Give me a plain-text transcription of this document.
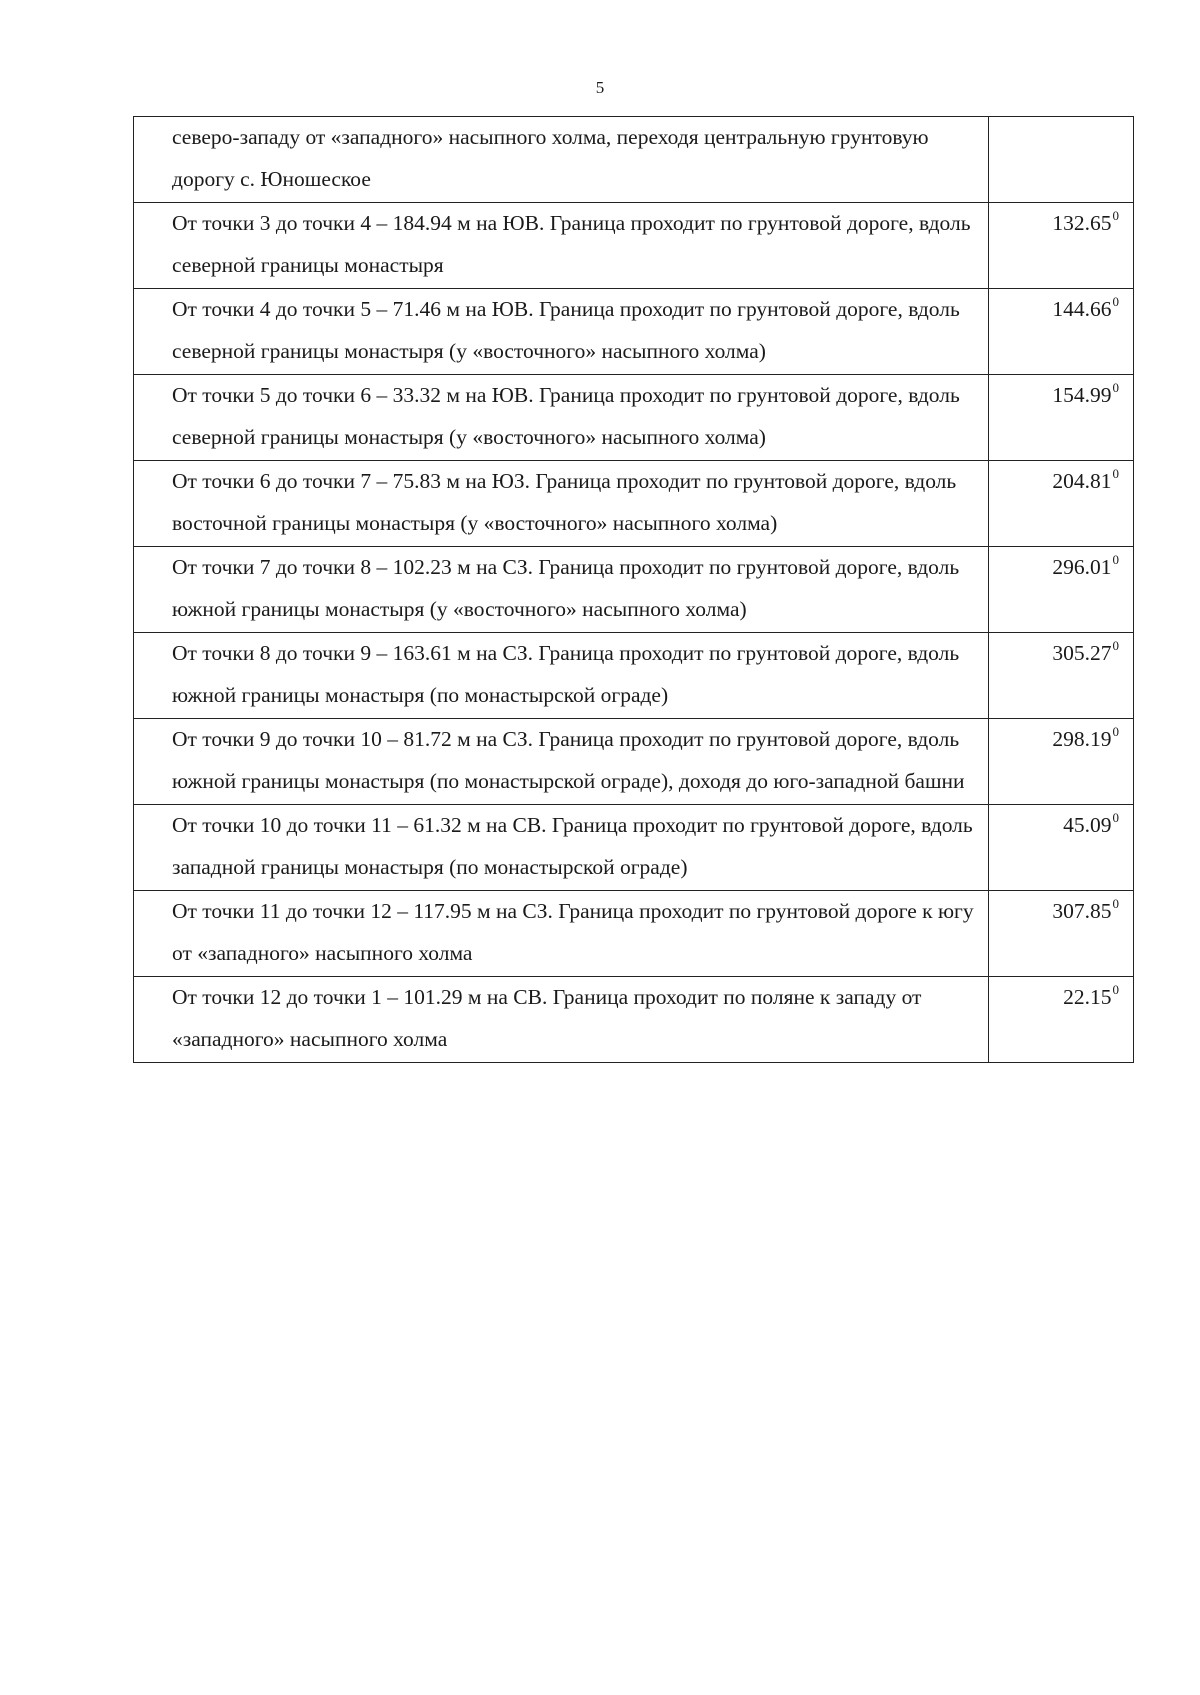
5
северо-западу от «западного» насыпного холма, переходя центральную грунтовую дорогу с. Юношеское	
От точки 3 до точки 4 – 184.94 м на ЮВ. Граница проходит по грунтовой дороге, вдоль северной границы монастыря	132.65$^0$
От точки 4 до точки 5 – 71.46 м на ЮВ. Граница проходит по грунтовой дороге, вдоль северной границы монастыря (у «восточного» насыпного холма)	144.66$^0$
От точки 5 до точки 6 – 33.32 м на ЮВ. Граница проходит по грунтовой дороге, вдоль северной границы монастыря (у «восточного» насыпного холма)	154.99$^0$
От точки 6 до точки 7 – 75.83 м на ЮЗ. Граница проходит по грунтовой дороге, вдоль восточной границы монастыря (у «восточного» насыпного холма)	204.81$^0$
От точки 7 до точки 8 – 102.23 м на СЗ. Граница проходит по грунтовой дороге, вдоль южной границы монастыря (у «восточного» насыпного холма)	296.01$^0$
От точки 8 до точки 9 – 163.61 м на СЗ. Граница проходит по грунтовой дороге, вдоль южной границы монастыря (по монастырской ограде)	305.27$^0$
От точки 9 до точки 10 – 81.72 м на СЗ. Граница проходит по грунтовой дороге, вдоль южной границы монастыря (по монастырской ограде), доходя до юго-западной башни	298.19$^0$
От точки 10 до точки 11 – 61.32 м на СВ. Граница проходит по грунтовой дороге, вдоль западной границы монастыря (по монастырской ограде)	45.09$^0$
От точки 11 до точки 12 – 117.95 м на СЗ. Граница проходит по грунтовой дороге к югу от «западного» насыпного холма	307.85$^0$
От точки 12 до точки 1 – 101.29 м на СВ. Граница проходит по поляне к западу от «западного» насыпного холма	22.15$^0$
